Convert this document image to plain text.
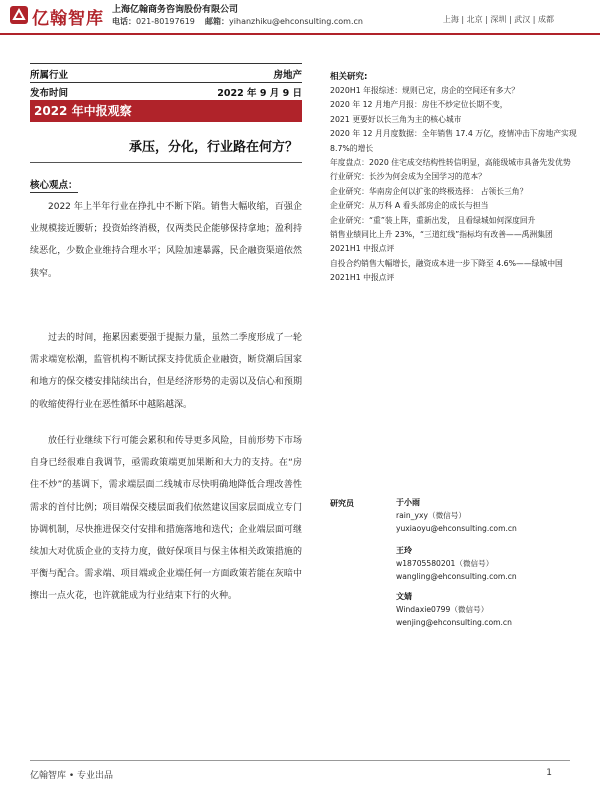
亿翰智库 上海亿翰商务咨询股份有限公司
电话：021-80197619 邮箱：yihanzhiku@ehconsulting.com.cn	上海 | 北京 | 深圳 | 武汉 | 成都
所属行业	房地产
发布时间	2022 年 9 月 9 日
2022 年中报观察
承压，分化，行业路在何方？
核心观点：
2022 年上半年行业在挣扎中不断下陷。销售大幅收缩，百强企业规模接近腰斩；投资始终消极，仅两类民企能够保持拿地；盈利持续恶化，少数企业维持合理水平；风险加速暴露，民企融资渠道依然狭窄。
过去的时间，拖累因素要强于提振力量，虽然二季度形成了一轮需求端宽松潮，监管机构不断试探支持优质企业融资，断贷潮后国家和地方的保交楼安排陆续出台，但是经济形势的走弱以及信心和预期的收缩使得行业在恶性循环中越陷越深。
放任行业继续下行可能会累积和传导更多风险，目前形势下市场自身已经很难自我调节，亟需政策端更加果断和大力的支持。在“房住不炒”的基调下，需求端层面二线城市尽快明确地降低合理改善性需求的首付比例；项目端保交楼层面我们依然建议国家层面成立专门协调机制，尽快推进保交付安排和措施落地和迭代；企业端层面可继续加大对优质企业的支持力度，做好保项目与保主体相关政策措施的平衡与配合。需求端、项目端或企业端任何一方面政策若能在灰暗中擦出一点火花，也许就能成为行业结束下行的火种。
相关研究:
2020H1 年报综述：规则已定，房企的空间还有多大？
2020 年 12 月地产月报：房住不炒定位长期不变，
2021 更要好以长三角为主的核心城市
2020 年 12 月月度数据：全年销售 17.4 万亿，疫情冲击下房地产实现 8.7%的增长
年度盘点：2020 住宅成交结构性转信明显，高能级城市具备先发优势
行业研究：长沙为何会成为全国学习的范本？
企业研究：华南房企何以扩张的终极选择： 占领长三角？
企业研究：从万科 A 看头部房企的成长与担当
企业研究：“重”装上阵，重新出发， 且看绿城如何深度回升
销售业绩同比上升 23%，“三道红线”指标均有改善——禹洲集团 2021H1 中报点评
自投合约销售大幅增长，融资成本进一步下降至 4.6%——绿城中国 2021H1 中报点评
研究员	于小雨
rain_yxy（微信号）
yuxiaoyu@ehconsulting.com.cn
王玲
w18705580201（微信号）
wangling@ehconsulting.com.cn
文婧
Windaxie0799（微信号）
wenjing@ehconsulting.com.cn
亿翰智库 • 专业出品	1
